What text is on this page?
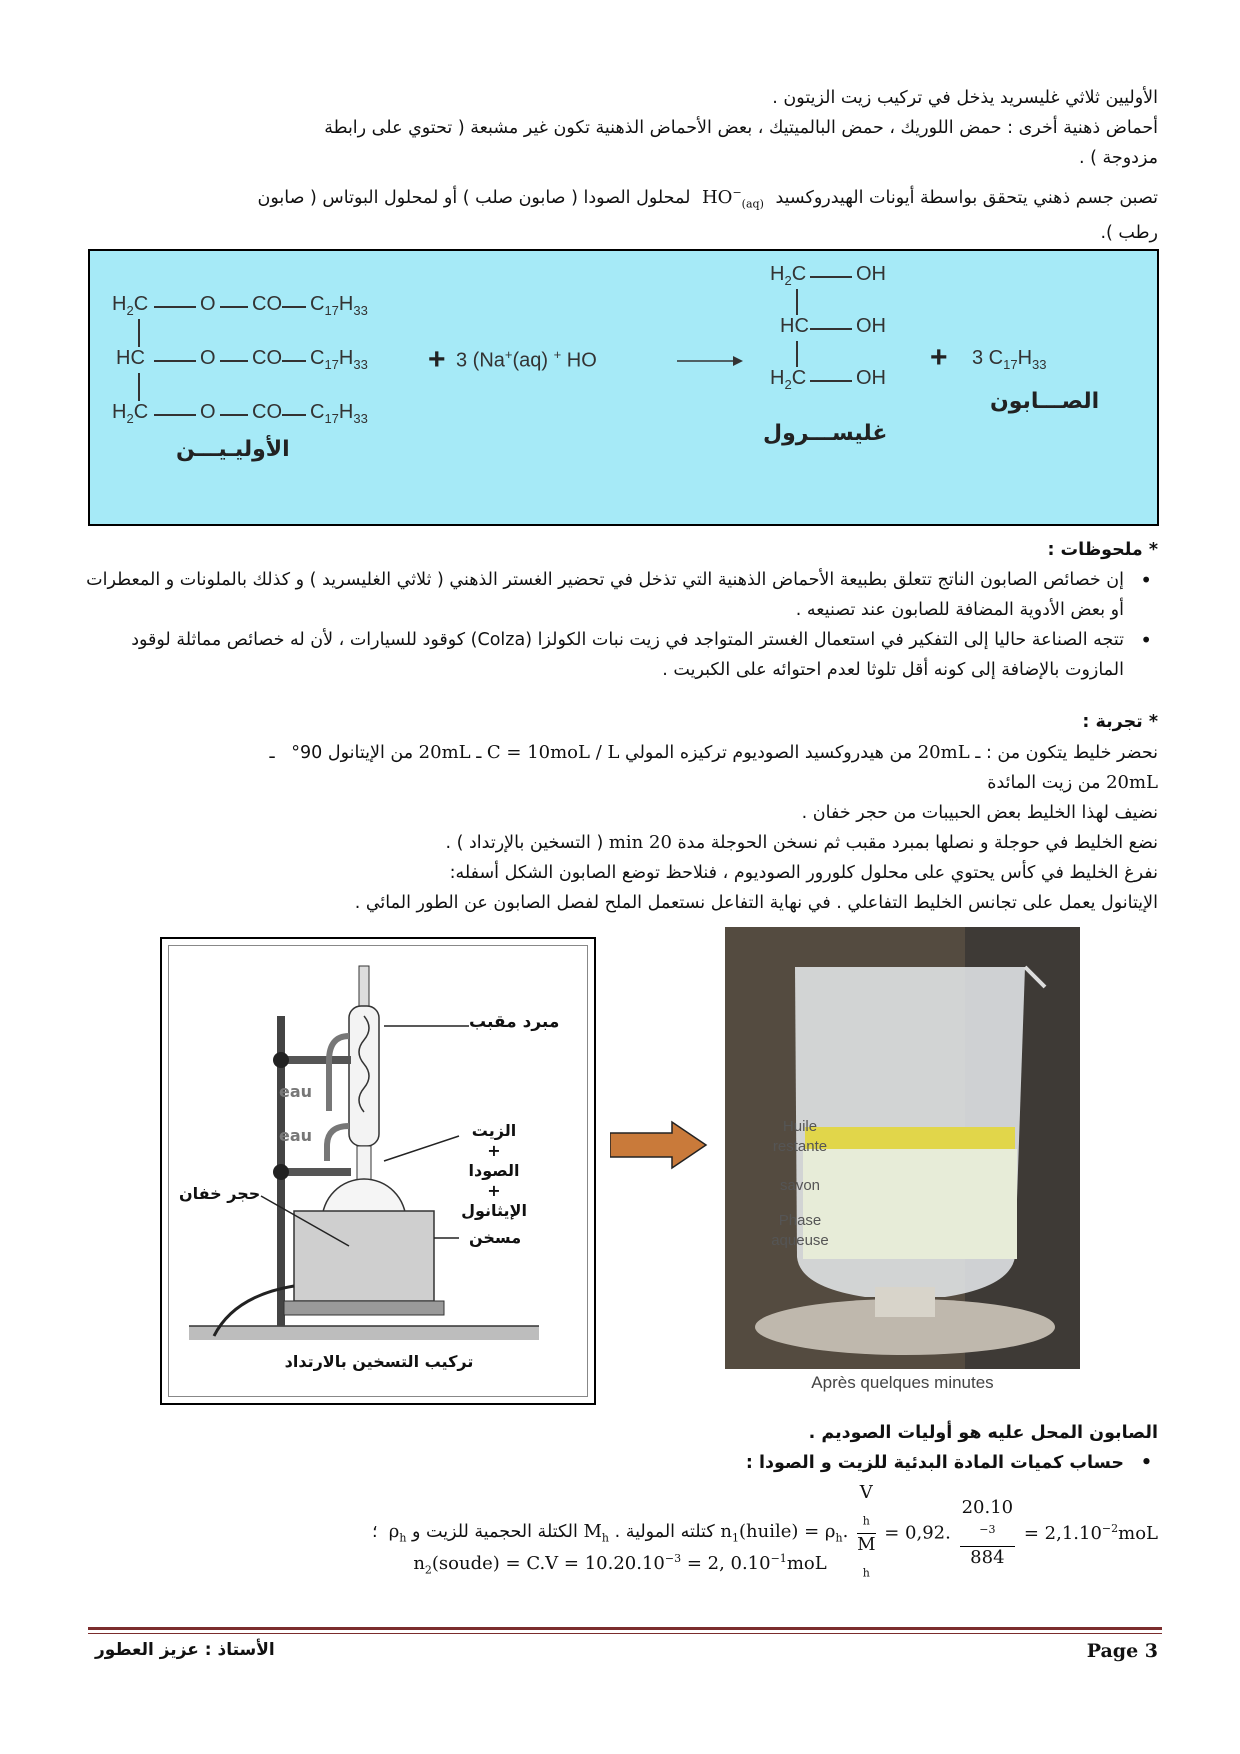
الأوليين ثلاثي غليسريد يذخل في تركيب زيت الزيتون .
أحماض ذهنية أخرى : حمض اللوريك ، حمض البالميتيك ، بعض الأحماض الذهنية تكون غير مشبعة ( تحتوي على رابطة
مزدوجة ) .
تصبن جسم ذهني يتحقق بواسطة أيونات الهيدروكسيد $HO^-_{(aq)}$ لمحلول الصودا ( صابون صلب ) أو لمحلول البوتاس ( صابون
رطب ).
$H_2C$	O CO $C_{17}H_{33}$
HC	O CO $C_{17}H_{33}$
$H_2C$	O CO $C_{17}H_{33}$
+ 3 (Na+(aq) + HO
$H_2C$ OH
HC OH
$H_2C$ OH
+ 3 $C_{17}H_{33}$
الأوليـيـــن
غليســـرول
الصـــابون
* ملحوظات :
• إن خصائص الصابون الناتج تتعلق بطبيعة الأحماض الذهنية التي تذخل في تحضير الغستر الذهني ( ثلاثي الغليسريد ) و كذلك بالملونات و المعطرات أو بعض الأدوية المضافة للصابون عند تصنيعه .
• تتجه الصناعة حاليا إلى التفكير في استعمال الغستر المتواجد في زيت نبات الكولزا (Colza) كوقود للسيارات ، لأن له خصائص مماثلة لوقود المازوت بالإضافة إلى كونه أقل تلوثا لعدم احتوائه على الكبريت .
* تجربة :
نحضر خليط يتكون من : ـ 20mL من هيدروكسيد الصوديوم تركيزه المولي C = 10moL / L ـ 20mL من الإيتانول 90°   ـ
20mL من زيت المائدة
نضيف لهذا الخليط بعض الحبيبات من حجر خفان .
نضع الخليط في حوجلة و نصلها بمبرد مقبب ثم نسخن الحوجلة مدة 20 min ( التسخين بالإرتداد ) .
نفرغ الخليط في كأس يحتوي على محلول كلورور الصوديوم ، فنلاحظ توضع الصابون الشكل أسفله:
الإيتانول يعمل على تجانس الخليط التفاعلي . في نهاية التفاعل نستعمل الملح لفصل الصابون عن الطور المائي .
مبرد مقبب
eau
eau	الزيت
+
الصودا
+
الإيثانول
حجر خفان
مسخن
تركيب التسخين بالارتداد
Huile
restante
savon
Phase
aqueuse
Après quelques minutes
الصابون المحل عليه هو أوليات الصوديم .
•
حساب كميات المادة البدئية للزيت و الصودا :
كتلته المولية . $M_h$ الكتلة الحجمية للزيت و $\rho_h$  ؛	$n_1(huile) = \rho_h$. V
$_h$
M
$_h$ = 0,92. 20.10
$^{-3}$
$884 = 2,1.10^{-2}moL$
$n_2(soude) = C.V = 10.20.10^{-3} = 2$, $0.10^{-1}moL$
الأستاذ : عزيز العطور	Page 3
